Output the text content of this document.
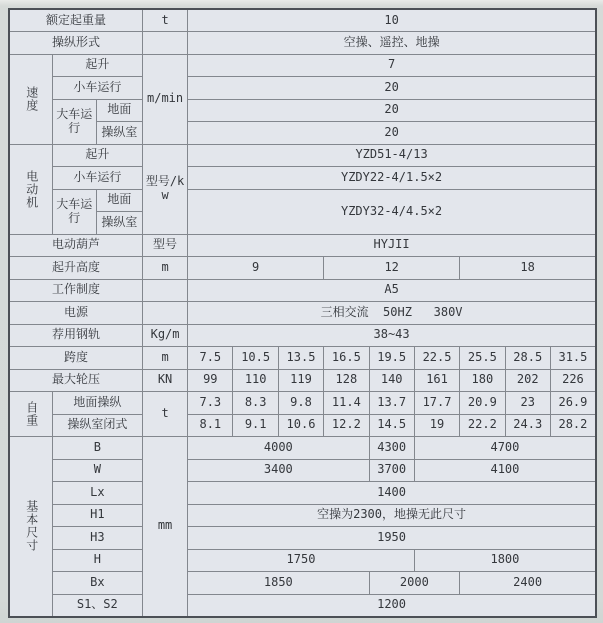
额定起重量			t	10								
操纵形式				空操、遥控、地操								
速度	起升		m/min	7								
	小车运行			20								
	大车运行	地面		20								
		操纵室		20								
电动机	起升		型号/kw	YZD51-4/13								
	小车运行			YZDY22-4/1.5×2								
	大车运行	地面		YZDY32-4/4.5×2								
		操纵室										
电动葫芦			型号	HYJII								
起升高度			m	9			12			18		
工作制度				A5								
电源				三相交流  50HZ   380V								
荐用钢轨			Kg/m	38~43								
跨度			m	7.5	10.5	13.5	16.5	19.5	22.5	25.5	28.5	31.5
最大轮压			KN	99	110	119	128	140	161	180	202	226
自重	地面操纵		t	7.3	8.3	9.8	11.4	13.7	17.7	20.9	23	26.9
	操纵室闭式			8.1	9.1	10.6	12.2	14.5	19	22.2	24.3	28.2
基本尺寸	B		mm	4000				4300	4700			
	W			3400				3700	4100			
	Lx			1400								
	H1			空操为2300，地操无此尺寸								
	H3			1950								
	H			1750					1800			
	Bx			1850				2000		2400		
	S1、S2			1200								
